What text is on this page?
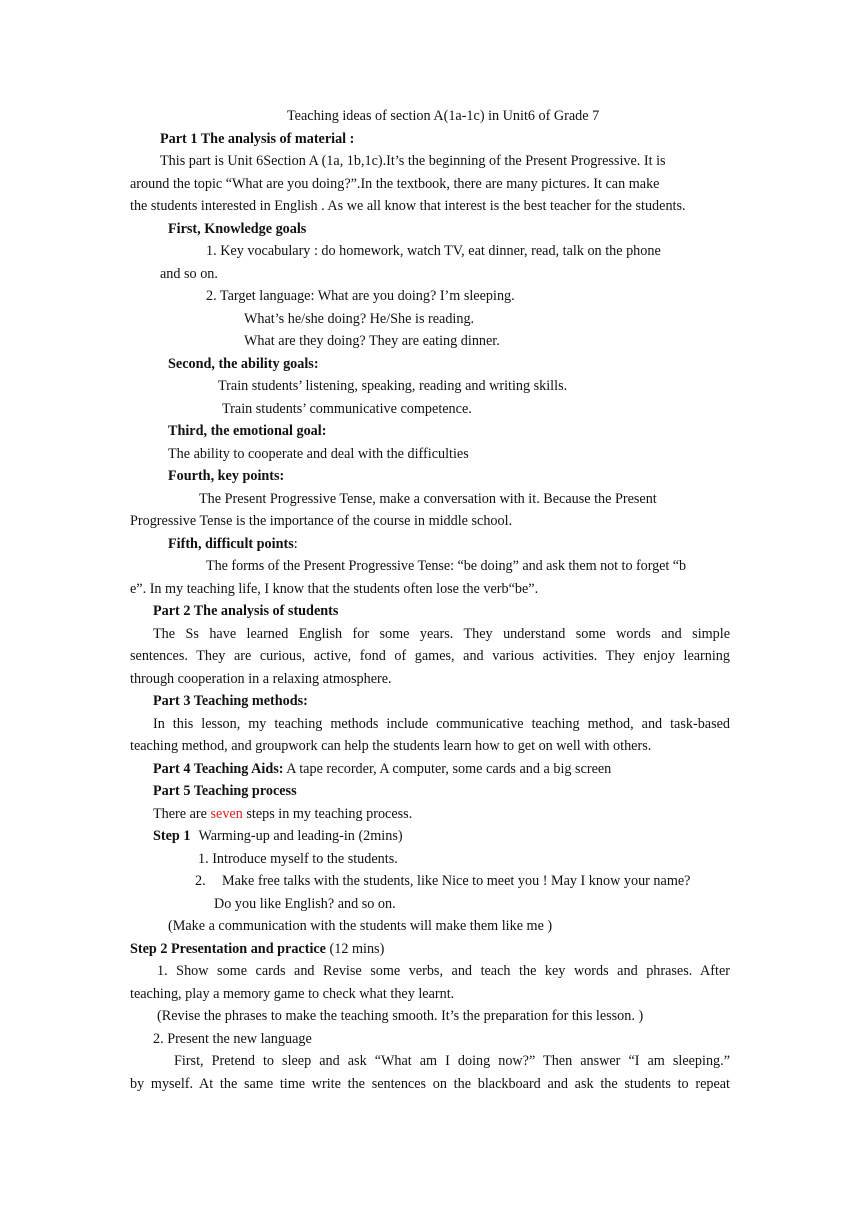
Teaching ideas of section A(1a-1c) in Unit6 of Grade 7
Part 1 The analysis of material :
This part is Unit 6Section A (1a, 1b,1c).It’s the beginning of the Present Progressive. It is
around the topic “What are you doing?”.In the textbook, there are many pictures. It can make
the students interested in English . As we all know that interest is the best teacher for the students.
First, Knowledge goals
1. Key vocabulary : do homework, watch TV, eat dinner, read, talk on the phone
and so on.
2. Target language: What are you doing? I’m sleeping.
What’s he/she doing? He/She is reading.
What are they doing? They are eating dinner.
Second, the ability goals:
Train students’ listening, speaking, reading and writing skills.
Train students’ communicative competence.
Third, the emotional goal:
The ability to cooperate and deal with the difficulties
Fourth, key points:
The Present Progressive Tense, make a conversation with it. Because the Present
Progressive Tense is the importance of the course in middle school.
Fifth, difficult points:
The forms of the Present Progressive Tense: “be doing” and ask them not to forget “b
e”. In my teaching life, I know that the students often lose the verb“be”.
Part 2 The analysis of students
The Ss have learned English for some years. They understand some words and simple
sentences. They are curious, active, fond of games, and various activities. They enjoy learning
through cooperation in a relaxing atmosphere.
Part 3 Teaching methods:
In this lesson, my teaching methods include communicative teaching method, and task-based
teaching method, and groupwork can help the students learn how to get on well with others.
Part 4 Teaching Aids: A tape recorder, A computer, some cards and a big screen
Part 5 Teaching process
There are seven steps in my teaching process.
Step 1 Warming-up and leading-in (2mins)
1. Introduce myself to the students.
2. Make free talks with the students, like Nice to meet you ! May I know your name?
Do you like English? and so on.
(Make a communication with the students will make them like me )
Step 2 Presentation and practice (12 mins)
1. Show some cards and Revise some verbs, and teach the key words and phrases. After
teaching, play a memory game to check what they learnt.
(Revise the phrases to make the teaching smooth. It’s the preparation for this lesson. )
2. Present the new language
First, Pretend to sleep and ask “What am I doing now?” Then answer “I am sleeping.”
by myself. At the same time write the sentences on the blackboard and ask the students to repeat
